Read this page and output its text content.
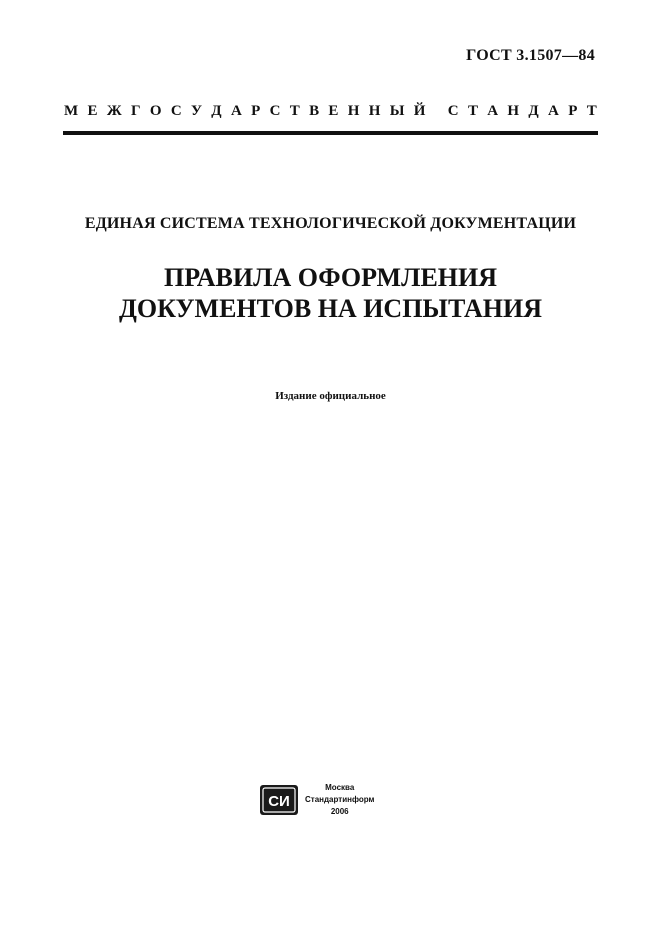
ГОСТ 3.1507—84
М Е Ж Г О С У Д А Р С Т В Е Н Н Ы Й
С Т А Н Д А Р Т
ЕДИНАЯ СИСТЕМА ТЕХНОЛОГИЧЕСКОЙ ДОКУМЕНТАЦИИ
ПРАВИЛА ОФОРМЛЕНИЯ
ДОКУМЕНТОВ НА ИСПЫТАНИЯ
Издание официальное
СИ
Москва
Стандартинформ
2006
